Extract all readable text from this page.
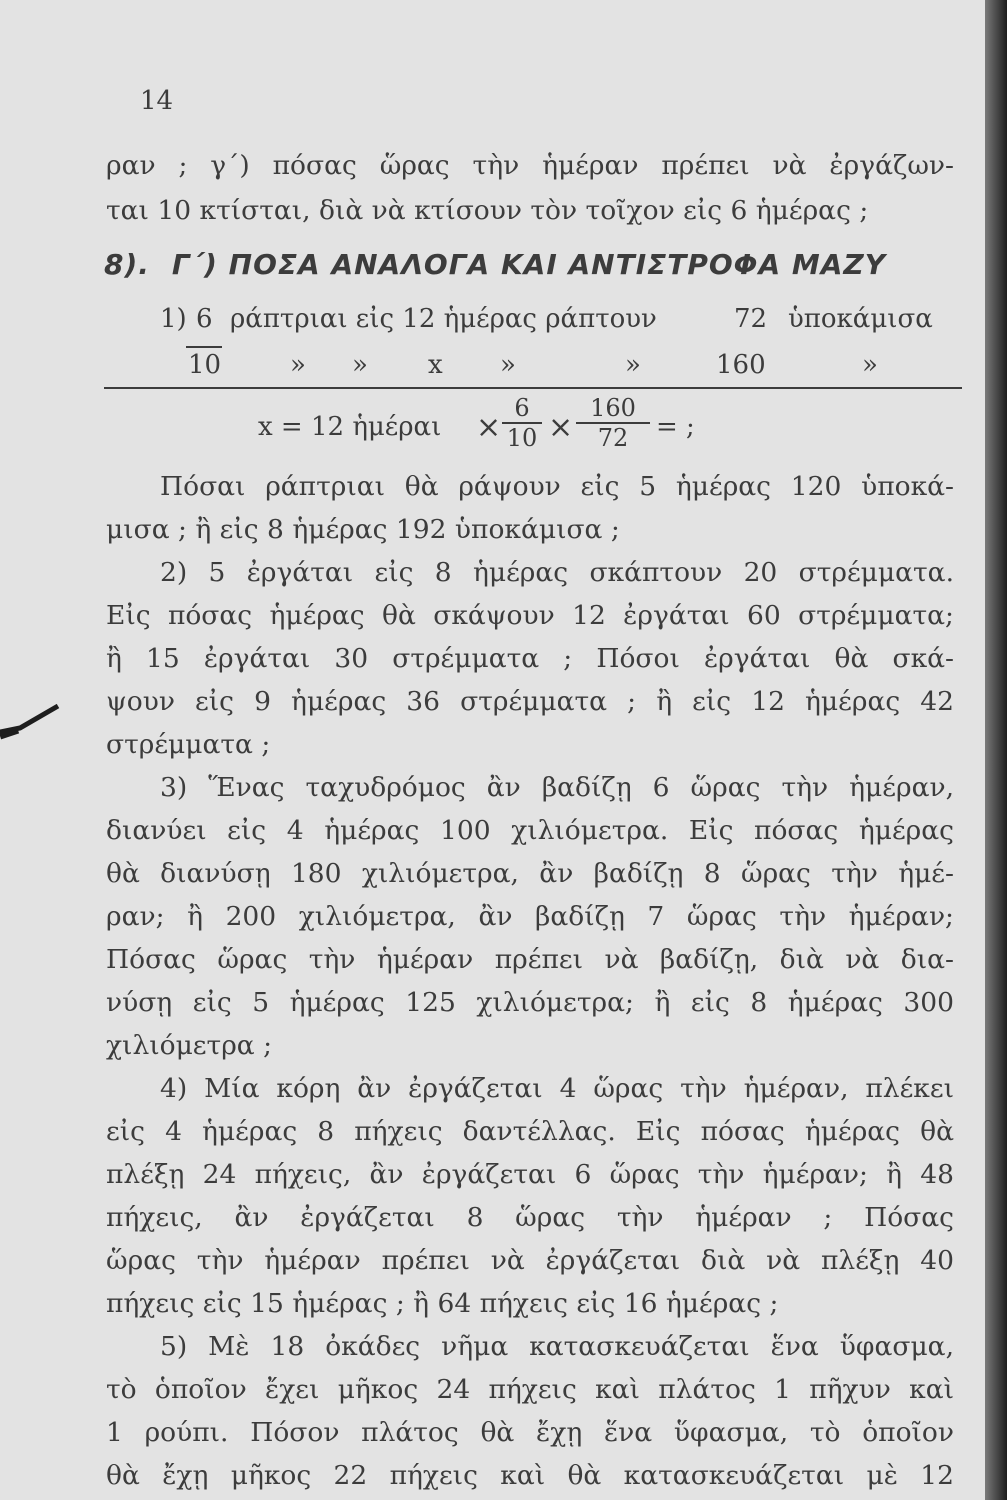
14
ραν ; γ΄) πόσας ὥρας τὴν ἡμέραν πρέπει νὰ ἐργάζων-
ται 10 κτίσται, διὰ νὰ κτίσουν τὸν τοῖχον εἰς 6 ἡμέρας ;
8). Γ΄) ΠΟΣΑ ΑΝΑΛΟΓΑ ΚΑΙ ΑΝΤΙΣΤΡΟΦΑ ΜΑΖΥ
1) 6 ράπτριαι εἰς 12 ἡμέρας ράπτουν	72 ὑποκάμισα
10	» » x »	»	160	»
x = 12 ἡμέραι ×
6
10 ×
160
72	= ;
Πόσαι ράπτριαι θὰ ράψουν εἰς 5 ἡμέρας 120 ὑποκά-
μισα ; ἢ εἰς 8 ἡμέρας 192 ὑποκάμισα ;
2) 5 ἐργάται εἰς 8 ἡμέρας σκάπτουν 20 στρέμματα.
Εἰς πόσας ἡμέρας θὰ σκάψουν 12 ἐργάται 60 στρέμματα;
ἢ 15 ἐργάται 30 στρέμματα ; Πόσοι ἐργάται θὰ σκά-
ψουν εἰς 9 ἡμέρας 36 στρέμματα ; ἢ εἰς 12 ἡμέρας 42
στρέμματα ;
3) Ἕνας ταχυδρόμος ἂν βαδίζῃ 6 ὥρας τὴν ἡμέραν,
διανύει εἰς 4 ἡμέρας 100 χιλιόμετρα. Εἰς πόσας ἡμέρας
θὰ διανύσῃ 180 χιλιόμετρα, ἂν βαδίζῃ 8 ὥρας τὴν ἡμέ-
ραν; ἢ 200 χιλιόμετρα, ἂν βαδίζῃ 7 ὥρας τὴν ἡμέραν;
Πόσας ὥρας τὴν ἡμέραν πρέπει νὰ βαδίζῃ, διὰ νὰ δια-
νύσῃ εἰς 5 ἡμέρας 125 χιλιόμετρα; ἢ εἰς 8 ἡμέρας 300
χιλιόμετρα ;
4) Μία κόρη ἂν ἐργάζεται 4 ὥρας τὴν ἡμέραν, πλέκει
εἰς 4 ἡμέρας 8 πήχεις δαντέλλας. Εἰς πόσας ἡμέρας θὰ
πλέξῃ 24 πήχεις, ἂν ἐργάζεται 6 ὥρας τὴν ἡμέραν; ἢ 48
πήχεις, ἂν ἐργάζεται 8 ὥρας τὴν ἡμέραν ; Πόσας
ὥρας τὴν ἡμέραν πρέπει νὰ ἐργάζεται διὰ νὰ πλέξῃ 40
πήχεις εἰς 15 ἡμέρας ; ἢ 64 πήχεις εἰς 16 ἡμέρας ;
5) Μὲ 18 ὀκάδες νῆμα κατασκευάζεται ἕνα ὕφασμα,
τὸ ὁποῖον ἔχει μῆκος 24 πήχεις καὶ πλάτος 1 πῆχυν καὶ
1 ρούπι. Πόσον πλάτος θὰ ἔχῃ ἕνα ὕφασμα, τὸ ὁποῖον
θὰ ἔχῃ μῆκος 22 πήχεις καὶ θὰ κατασκευάζεται μὲ 12
